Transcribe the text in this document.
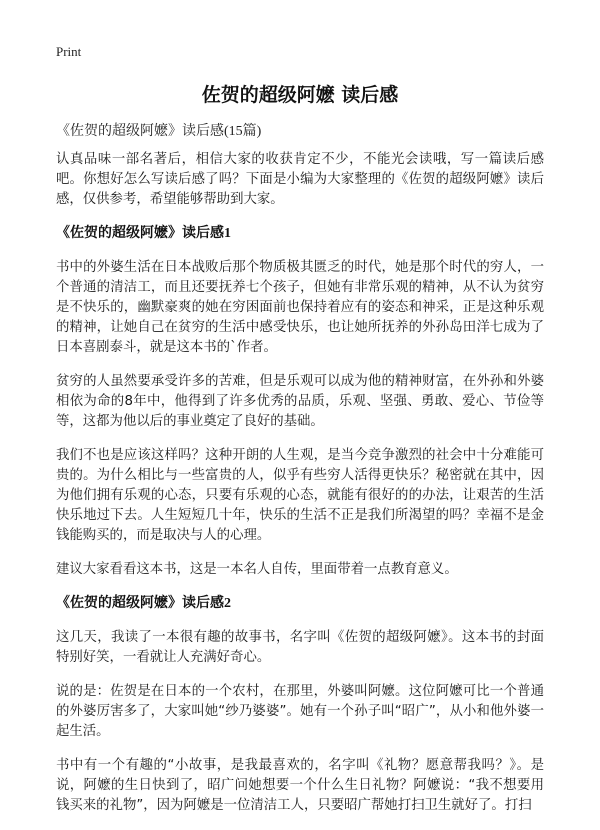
Print
佐贺的超级阿嬷 读后感
《佐贺的超级阿嬷》读后感(15篇)

认真品味一部名著后，相信大家的收获肯定不少，不能光会读哦，写一篇读后感吧。你想好怎么写读后感了吗？下面是小编为大家整理的《佐贺的超级阿嬷》读后感，仅供参考，希望能够帮助到大家。

《佐贺的超级阿嬷》读后感1

书中的外婆生活在日本战败后那个物质极其匮乏的时代，她是那个时代的穷人，一个普通的清洁工，而且还要抚养七个孩子，但她有非常乐观的精神，从不认为贫穷是不快乐的，幽默豪爽的她在穷困面前也保持着应有的姿态和神采，正是这种乐观的精神，让她自己在贫穷的生活中感受快乐，也让她所抚养的外孙岛田洋七成为了日本喜剧泰斗，就是这本书的`作者。

贫穷的人虽然要承受许多的苦难，但是乐观可以成为他的精神财富，在外孙和外婆相依为命的8年中，他得到了许多优秀的品质，乐观、坚强、勇敢、爱心、节俭等等，这都为他以后的事业奠定了良好的基础。

我们不也是应该这样吗？这种开朗的人生观，是当今竞争激烈的社会中十分难能可贵的。为什么相比与一些富贵的人，似乎有些穷人活得更快乐？秘密就在其中，因为他们拥有乐观的心态，只要有乐观的心态，就能有很好的的办法，让艰苦的生活快乐地过下去。人生短短几十年，快乐的生活不正是我们所渴望的吗？幸福不是金钱能购买的，而是取决与人的心理。

建议大家看看这本书，这是一本名人自传，里面带着一点教育意义。

《佐贺的超级阿嬷》读后感2

这几天，我读了一本很有趣的故事书，名字叫《佐贺的超级阿嬷》。这本书的封面特别好笑，一看就让人充满好奇心。

说的是：佐贺是在日本的一个农村，在那里，外婆叫阿嬷。这位阿嬷可比一个普通的外婆厉害多了，大家叫她“纱乃婆婆”。她有一个孙子叫“昭广”，从小和他外婆一起生活。

书中有一个有趣的“小故事，是我最喜欢的，名字叫《礼物？愿意帮我吗？》。是说，阿嬷的生日快到了，昭广问她想要一个什么生日礼物？阿嬷说：“我不想要用钱买来的礼物”，因为阿嬷是一位清洁工人，只要昭广帮她打扫卫生就好了。打扫
